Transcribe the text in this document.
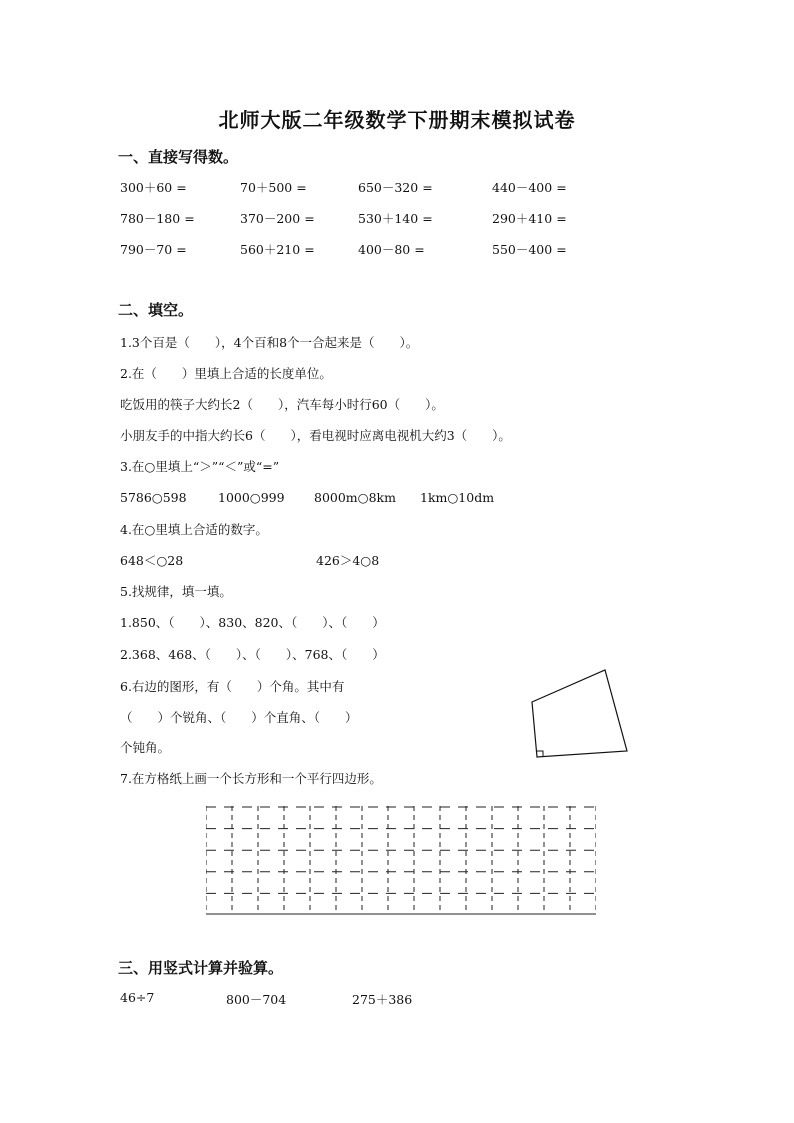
北师大版二年级数学下册期末模拟试卷
一、直接写得数。
300＋60 =	70＋500 =	650－320 =	440－400 =
780－180 =	370－200 =	530＋140 =	290＋410 =
790－70 =	560＋210 =	400－80 =	550－400 =
二、填空。
1.3个百是（　　），4个百和8个一合起来是（　　）。
2.在（　　）里填上合适的长度单位。
吃饭用的筷子大约长2（　　），汽车每小时行60（　　）。
小朋友手的中指大约长6（　　），看电视时应离电视机大约3（　　）。
3.在○里填上“＞”“＜”或“=”
5786○598	1000○999 8000m○8km 1km○10dm
4.在○里填上合适的数字。
648＜○28	426＞4○8
5.找规律，填一填。
1.850、（　　）、830、820、（　　）、（　　）
2.368、468、（　　）、（　　）、768、（　　）
6.右边的图形，有（　　）个角。其中有
（　　）个锐角、（　　）个直角、（　　）
个钝角。
7.在方格纸上画一个长方形和一个平行四边形。
三、用竖式计算并验算。
46÷7	800－704	275＋386
